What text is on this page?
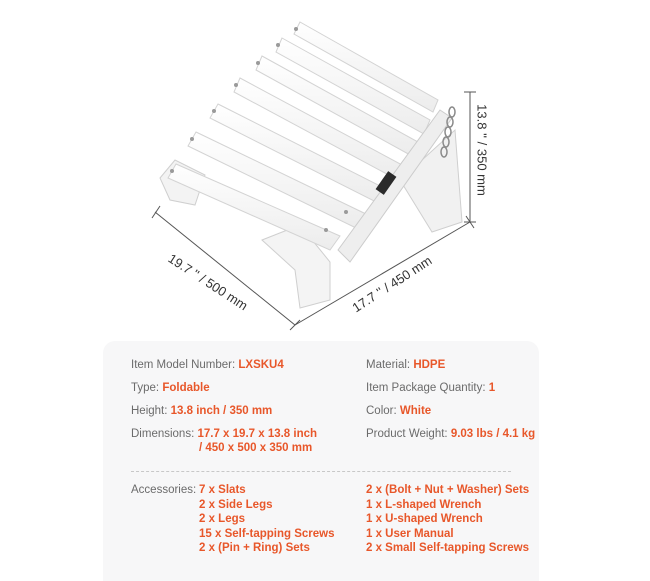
13.8 '' / 350 mm
19.7 '' / 500 mm	17.7 '' / 450 mm
Item Model Number: LXSKU4
Type: Foldable
Height: 13.8 inch / 350 mm
Dimensions: 17.7 x 19.7 x 13.8 inch
/ 450 x 500 x 350 mm
Material: HDPE
Item Package Quantity: 1
Color: White
Product Weight: 9.03 lbs / 4.1 kg
Accessories: 7 x Slats
2 x Side Legs
2 x Legs
15 x Self-tapping Screws
2 x (Pin + Ring) Sets
2 x (Bolt + Nut + Washer) Sets
1 x L-shaped Wrench
1 x U-shaped Wrench
1 x User Manual
2 x Small Self-tapping Screws
